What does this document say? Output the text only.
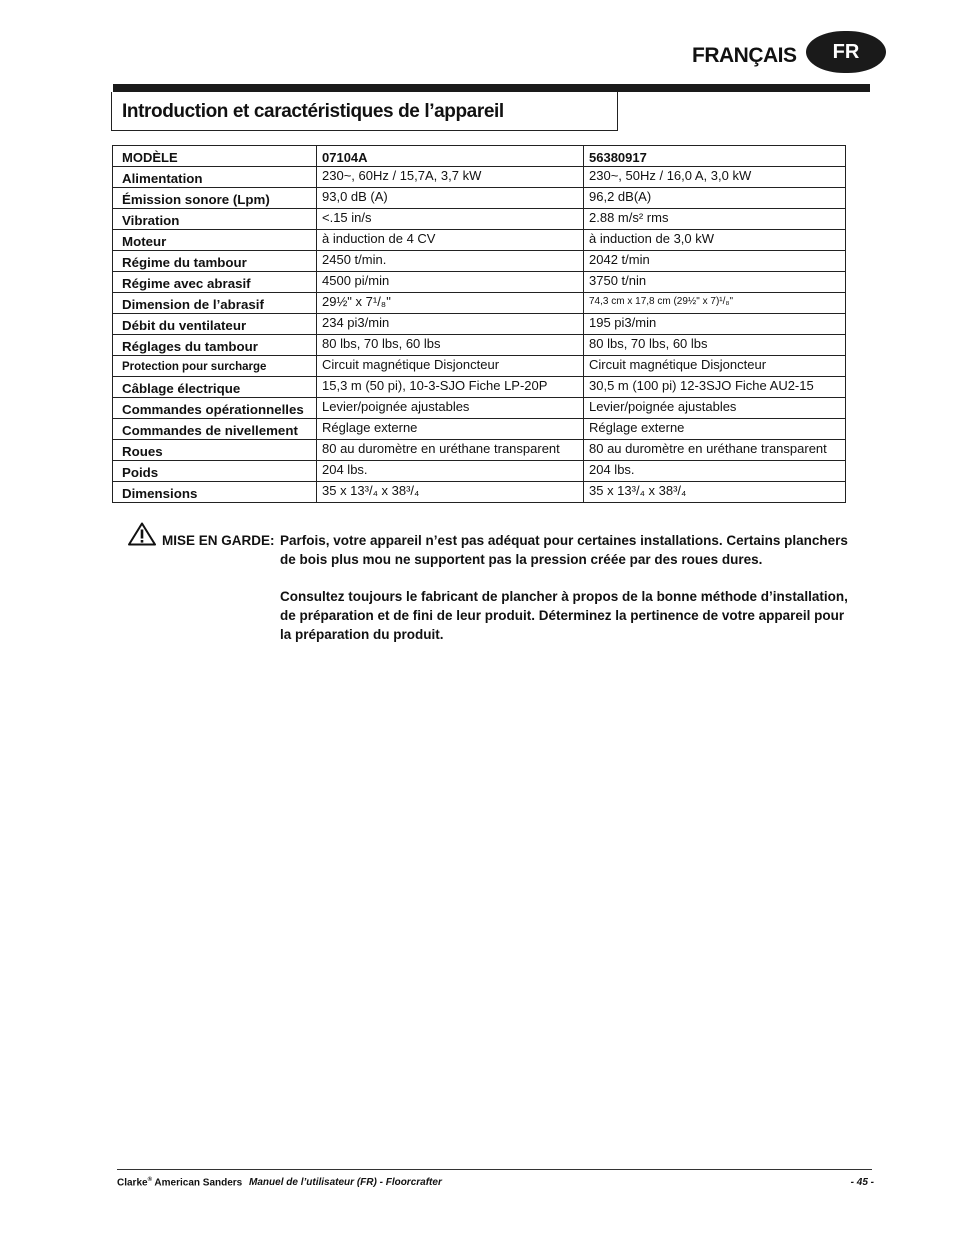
FRANÇAIS	FR
Introduction et caractéristiques de l’appareil
MODÈLE	07104A	56380917
Alimentation	230~, 60Hz / 15,7A, 3,7 kW	230~, 50Hz / 16,0 A, 3,0 kW
Émission sonore (Lpm)	93,0 dB (A)	96,2 dB(A)
Vibration	<.15 in/s	2.88 m/s² rms
Moteur	à induction de 4 CV	à induction de 3,0 kW
Régime du tambour	2450 t/min.	2042 t/min
Régime avec abrasif	4500 pi/min	3750 t/nin
Dimension de l’abrasif	29½" x 7¹/₈"	74,3 cm x 17,8 cm (29½" x 7)¹/₈"
Débit du ventilateur	234 pi3/min	195 pi3/min
Réglages du tambour	80 lbs, 70 lbs, 60 lbs	80 lbs, 70 lbs, 60 lbs
Protection pour surcharge	Circuit magnétique Disjoncteur	Circuit magnétique Disjoncteur
Câblage électrique	15,3 m (50 pi), 10-3-SJO Fiche LP-20P	30,5 m (100 pi) 12-3SJO Fiche AU2-15
Commandes opérationnelles	Levier/poignée ajustables	Levier/poignée ajustables
Commandes de nivellement	Réglage externe	Réglage externe
Roues	80 au duromètre en uréthane transparent	80 au duromètre en uréthane transparent
Poids	204 lbs.	204 lbs.
Dimensions	35 x 13³/₄ x 38³/₄	35 x 13³/₄ x 38³/₄
MISE EN GARDE: Parfois, votre appareil n’est pas adéquat pour certaines installations. Certains planchers de bois plus mou ne supportent pas la pression créée par des roues dures.

Consultez toujours le fabricant de plancher à propos de la bonne méthode d’installation, de préparation et de fini de leur produit. Déterminez la pertinence de votre appareil pour la préparation du produit.

Clarke® American Sanders Manuel de l’utilisateur (FR) - Floorcrafter	- 45 -
